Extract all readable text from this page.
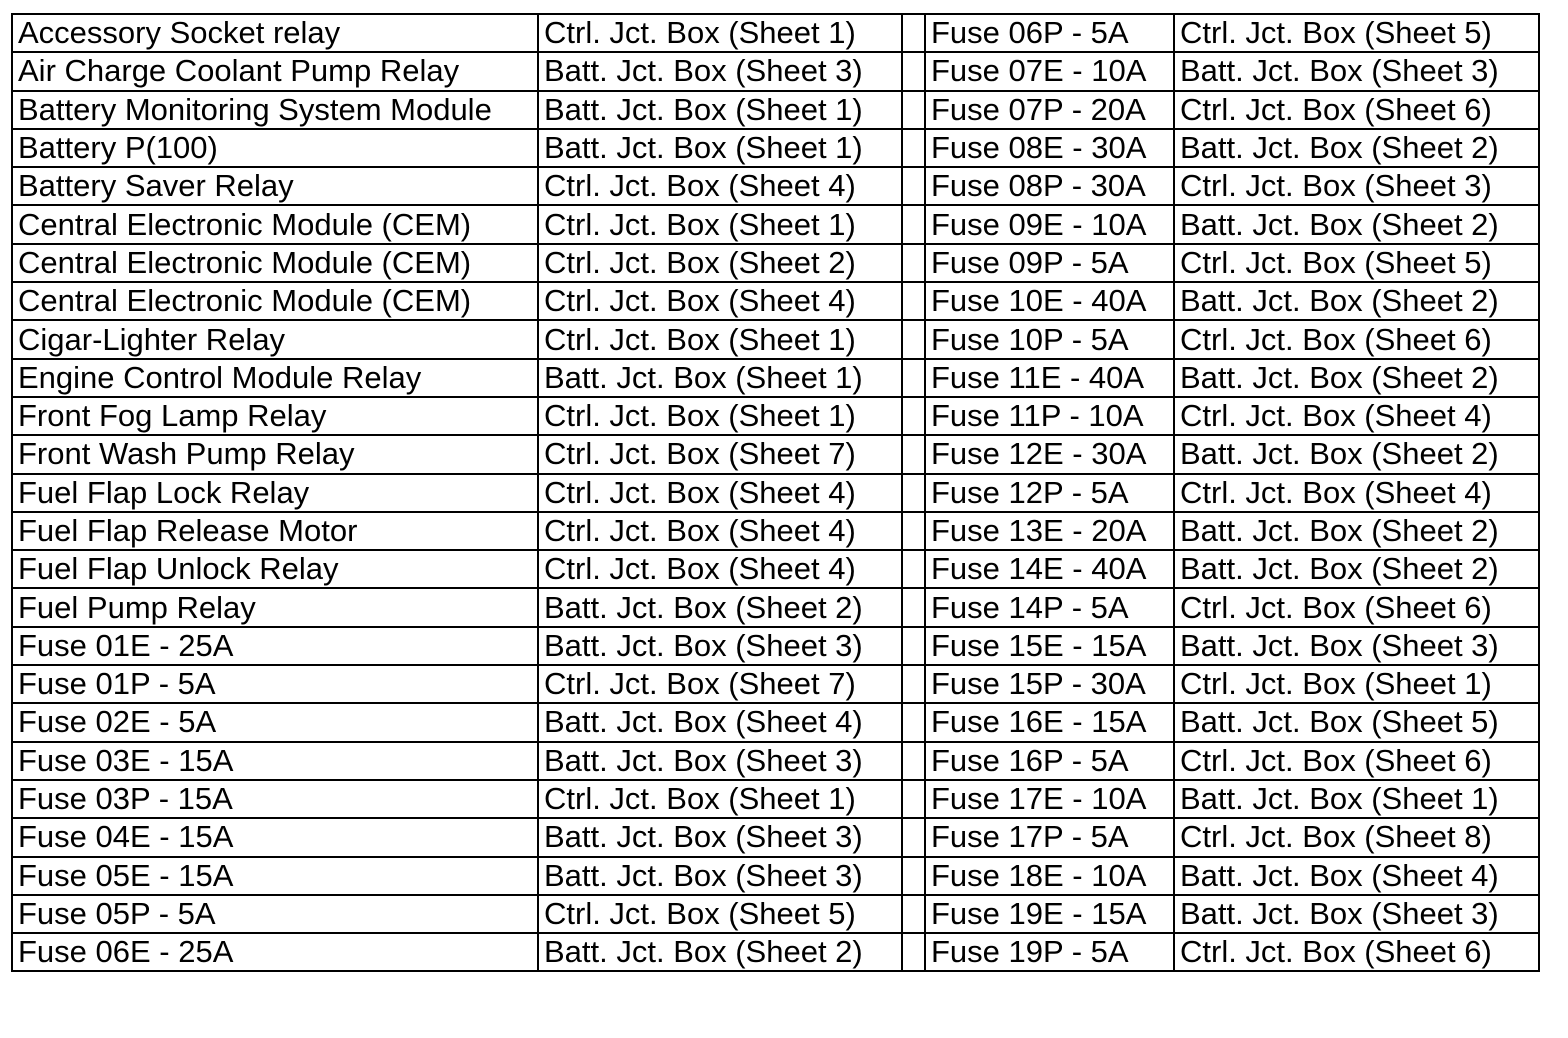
Accessory Socket relay	Ctrl. Jct. Box (Sheet 1)		Fuse 06P - 5A	Ctrl. Jct. Box (Sheet 5)
Air Charge Coolant Pump Relay	Batt. Jct. Box (Sheet 3)		Fuse 07E - 10A	Batt. Jct. Box (Sheet 3)
Battery Monitoring System Module	Batt. Jct. Box (Sheet 1)		Fuse 07P - 20A	Ctrl. Jct. Box (Sheet 6)
Battery P(100)	Batt. Jct. Box (Sheet 1)		Fuse 08E - 30A	Batt. Jct. Box (Sheet 2)
Battery Saver Relay	Ctrl. Jct. Box (Sheet 4)		Fuse 08P - 30A	Ctrl. Jct. Box (Sheet 3)
Central Electronic Module (CEM)	Ctrl. Jct. Box (Sheet 1)		Fuse 09E - 10A	Batt. Jct. Box (Sheet 2)
Central Electronic Module (CEM)	Ctrl. Jct. Box (Sheet 2)		Fuse 09P - 5A	Ctrl. Jct. Box (Sheet 5)
Central Electronic Module (CEM)	Ctrl. Jct. Box (Sheet 4)		Fuse 10E - 40A	Batt. Jct. Box (Sheet 2)
Cigar-Lighter Relay	Ctrl. Jct. Box (Sheet 1)		Fuse 10P - 5A	Ctrl. Jct. Box (Sheet 6)
Engine Control Module Relay	Batt. Jct. Box (Sheet 1)		Fuse 11E - 40A	Batt. Jct. Box (Sheet 2)
Front Fog Lamp Relay	Ctrl. Jct. Box (Sheet 1)		Fuse 11P - 10A	Ctrl. Jct. Box (Sheet 4)
Front Wash Pump Relay	Ctrl. Jct. Box (Sheet 7)		Fuse 12E - 30A	Batt. Jct. Box (Sheet 2)
Fuel Flap Lock Relay	Ctrl. Jct. Box (Sheet 4)		Fuse 12P - 5A	Ctrl. Jct. Box (Sheet 4)
Fuel Flap Release Motor	Ctrl. Jct. Box (Sheet 4)		Fuse 13E - 20A	Batt. Jct. Box (Sheet 2)
Fuel Flap Unlock Relay	Ctrl. Jct. Box (Sheet 4)		Fuse 14E - 40A	Batt. Jct. Box (Sheet 2)
Fuel Pump Relay	Batt. Jct. Box (Sheet 2)		Fuse 14P - 5A	Ctrl. Jct. Box (Sheet 6)
Fuse 01E - 25A	Batt. Jct. Box (Sheet 3)		Fuse 15E - 15A	Batt. Jct. Box (Sheet 3)
Fuse 01P - 5A	Ctrl. Jct. Box (Sheet 7)		Fuse 15P - 30A	Ctrl. Jct. Box (Sheet 1)
Fuse 02E - 5A	Batt. Jct. Box (Sheet 4)		Fuse 16E - 15A	Batt. Jct. Box (Sheet 5)
Fuse 03E - 15A	Batt. Jct. Box (Sheet 3)		Fuse 16P - 5A	Ctrl. Jct. Box (Sheet 6)
Fuse 03P - 15A	Ctrl. Jct. Box (Sheet 1)		Fuse 17E - 10A	Batt. Jct. Box (Sheet 1)
Fuse 04E - 15A	Batt. Jct. Box (Sheet 3)		Fuse 17P - 5A	Ctrl. Jct. Box (Sheet 8)
Fuse 05E - 15A	Batt. Jct. Box (Sheet 3)		Fuse 18E - 10A	Batt. Jct. Box (Sheet 4)
Fuse 05P - 5A	Ctrl. Jct. Box (Sheet 5)		Fuse 19E - 15A	Batt. Jct. Box (Sheet 3)
Fuse 06E - 25A	Batt. Jct. Box (Sheet 2)		Fuse 19P - 5A	Ctrl. Jct. Box (Sheet 6)
